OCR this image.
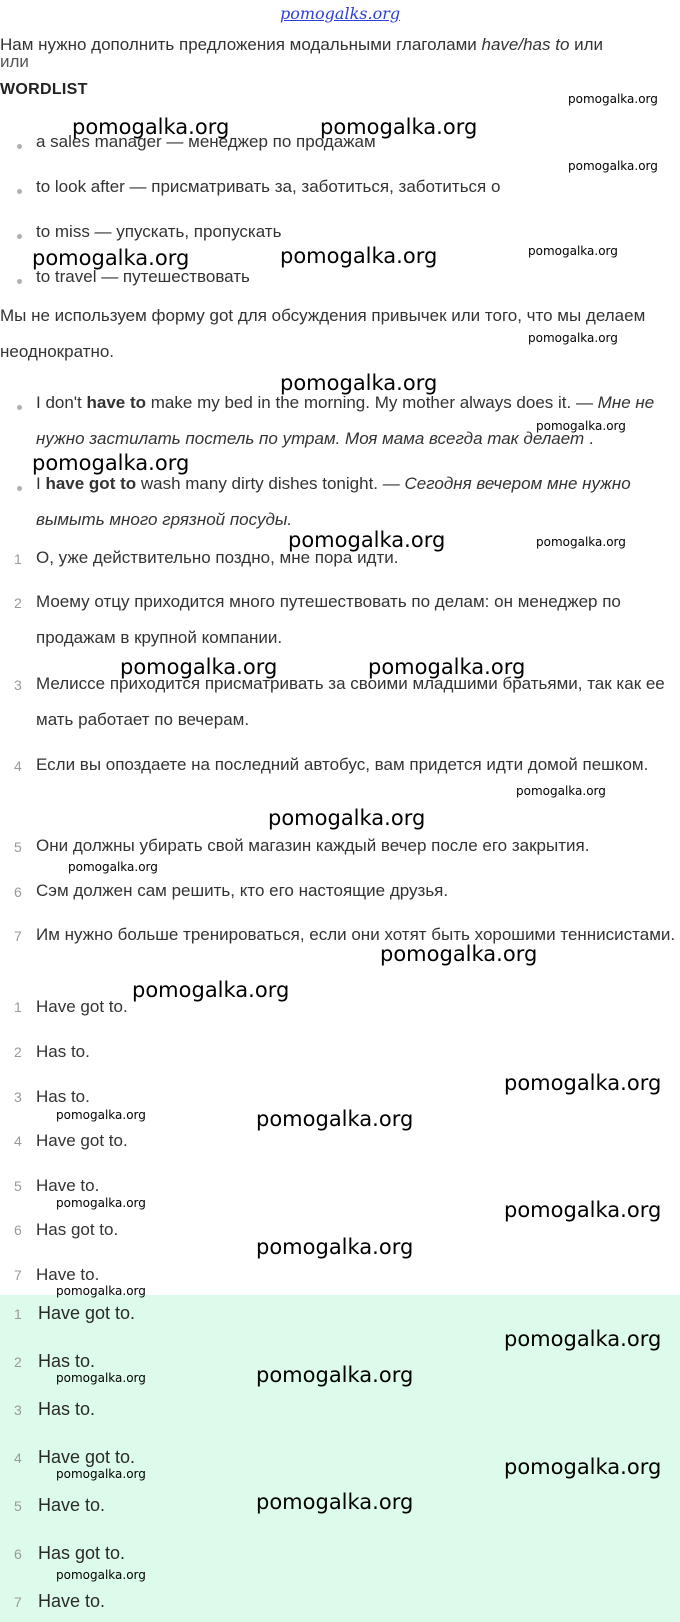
pomogalks.org
Нам нужно дополнить предложения модальными глаголами have/has to или
или
WORDLIST
a sales manager — менеджер по продажам
to look after — присматривать за, заботиться, заботиться о
to miss — упускать, пропускать
to travel — путешествовать
Мы не используем форму got для обсуждения привычек или того, что мы делаем неоднократно.
I don't have to make my bed in the morning. My mother always does it. — Мне не нужно застилать постель по утрам. Моя мама всегда так делает .
I have got to wash many dirty dishes tonight. — Сегодня вечером мне нужно вымыть много грязной посуды.
1 О, уже действительно поздно, мне пора идти.
2 Моему отцу приходится много путешествовать по делам: он менеджер по продажам в крупной компании.
3 Мелиссе приходится присматривать за своими младшими братьями, так как ее мать работает по вечерам.
4 Если вы опоздаете на последний автобус, вам придется идти домой пешком.
5 Они должны убирать свой магазин каждый вечер после его закрытия.
6 Сэм должен сам решить, кто его настоящие друзья.
7 Им нужно больше тренироваться, если они хотят быть хорошими теннисистами.
1 Have got to.
2 Has to.
3 Has to.
4 Have got to.
5 Have to.
6 Has got to.
7 Have to.
1 Have got to.
2 Has to.
3 Has to.
4 Have got to.
5 Have to.
6 Has got to.
7 Have to.
pomogalka.org
pomogalka.org	pomogalka.org
pomogalka.org
pomogalka.org
pomogalka.org	pomogalka.org
pomogalka.org
pomogalka.org
pomogalka.org
pomogalka.org
pomogalka.org	pomogalka.org
pomogalka.org	pomogalka.org
pomogalka.org
pomogalka.org
pomogalka.org
pomogalka.org
pomogalka.org
pomogalka.org
pomogalka.org	pomogalka.org
pomogalka.org	pomogalka.org
pomogalka.org
pomogalka.org
pomogalka.org
pomogalka.org	pomogalka.org
pomogalka.org
pomogalka.org
pomogalka.org
pomogalka.org
